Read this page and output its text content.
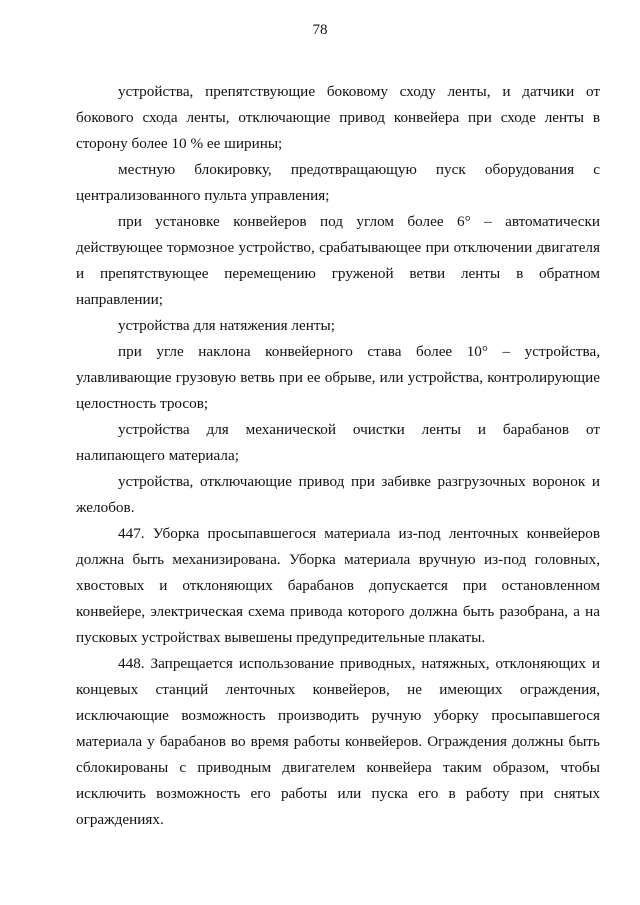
78

устройства, препятствующие боковому сходу ленты, и датчики от бокового схода ленты, отключающие привод конвейера при сходе ленты в сторону более 10 % ее ширины;

местную блокировку, предотвращающую пуск оборудования с централизованного пульта управления;

при установке конвейеров под углом более 6° – автоматически действующее тормозное устройство, срабатывающее при отключении двигателя и препятствующее перемещению груженой ветви ленты в обратном направлении;

устройства для натяжения ленты;

при угле наклона конвейерного става более 10° – устройства, улавливающие грузовую ветвь при ее обрыве, или устройства, контролирующие целостность тросов;

устройства для механической очистки ленты и барабанов от налипающего материала;

устройства, отключающие привод при забивке разгрузочных воронок и желобов.

447. Уборка просыпавшегося материала из-под ленточных конвейеров должна быть механизирована. Уборка материала вручную из-под головных, хвостовых и отклоняющих барабанов допускается при остановленном конвейере, электрическая схема привода которого должна быть разобрана, а на пусковых устройствах вывешены предупредительные плакаты.

448. Запрещается использование приводных, натяжных, отклоняющих и концевых станций ленточных конвейеров, не имеющих ограждения, исключающие возможность производить ручную уборку просыпавшегося материала у барабанов во время работы конвейеров. Ограждения должны быть сблокированы с приводным двигателем конвейера таким образом, чтобы исключить возможность его работы или пуска его в работу при снятых ограждениях.
